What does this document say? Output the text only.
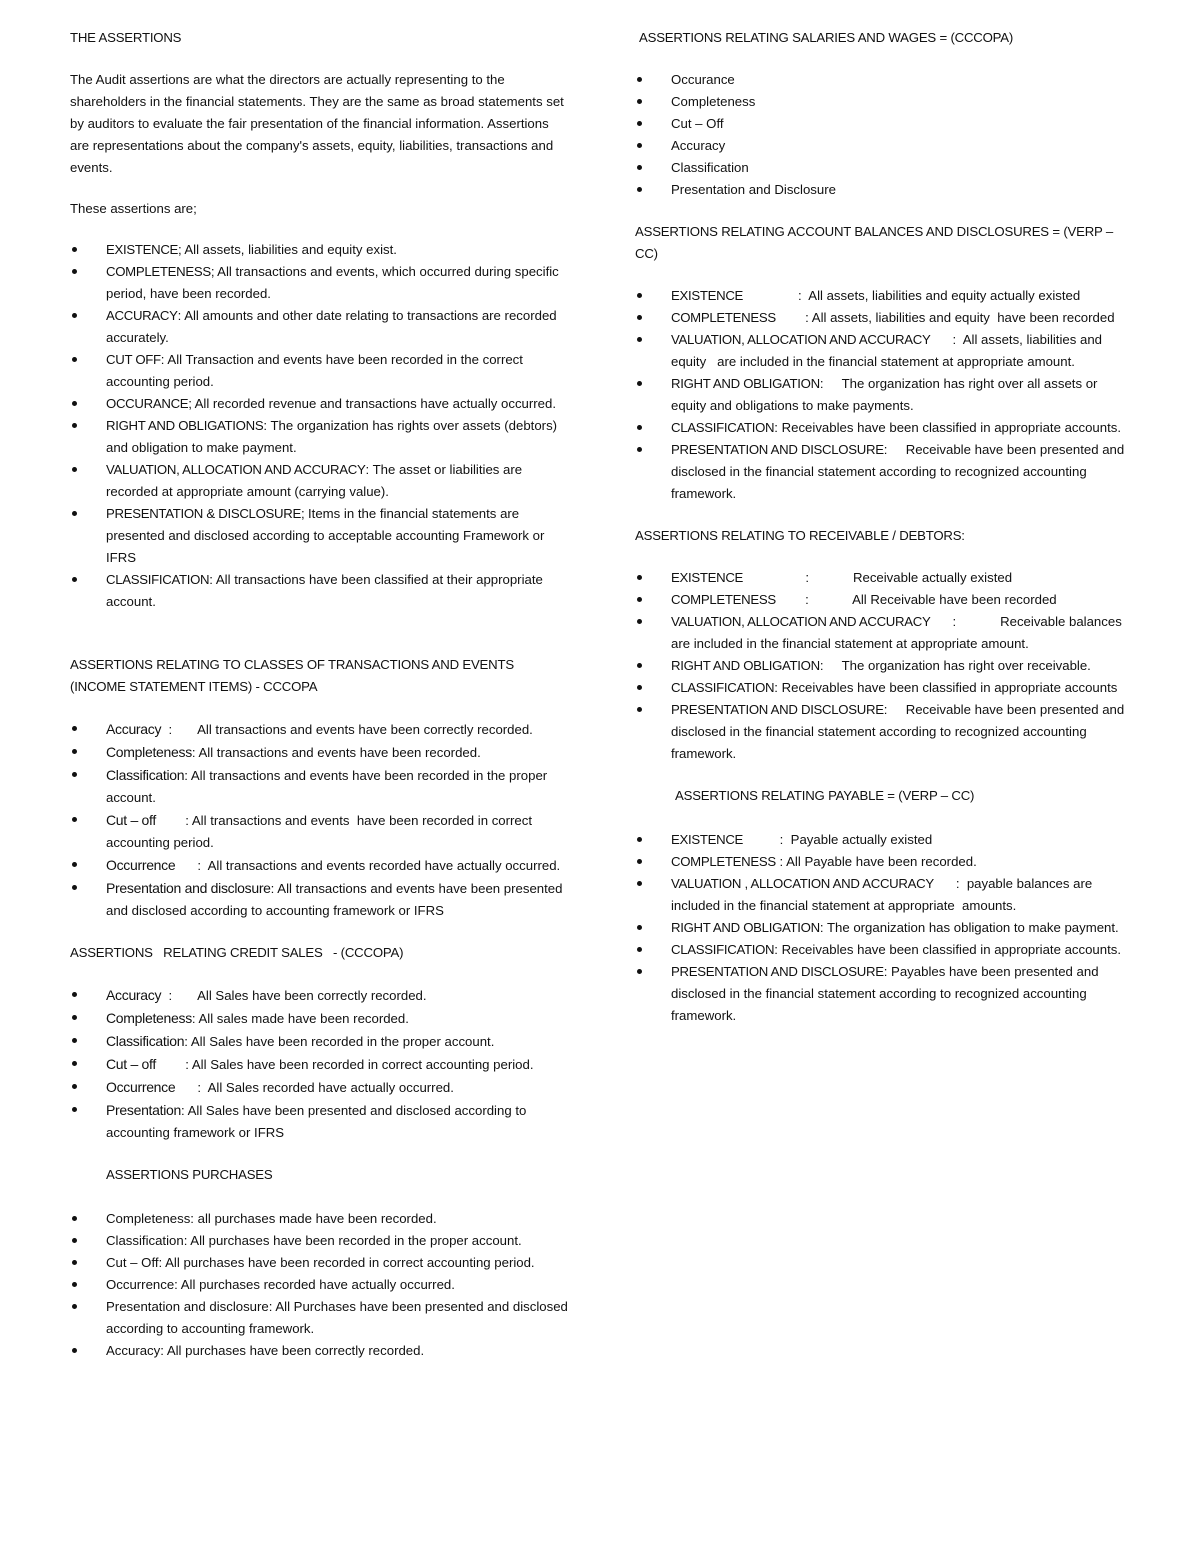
THE ASSERTIONS

The Audit assertions are what the directors are actually representing to the shareholders in the financial statements. They are the same as broad statements set by auditors to evaluate the fair presentation of the financial information. Assertions are representations about the company's assets, equity, liabilities, transactions and events.

These assertions are;

EXISTENCE; All assets, liabilities and equity exist.
COMPLETENESS; All transactions and events, which occurred during specific period, have been recorded.
ACCURACY: All amounts and other date relating to transactions are recorded accurately.
CUT OFF: All Transaction and events have been recorded in the correct accounting period.
OCCURANCE; All recorded revenue and transactions have actually occurred.
RIGHT AND OBLIGATIONS: The organization has rights over assets (debtors) and obligation to make payment.
VALUATION, ALLOCATION AND ACCURACY: The asset or liabilities are recorded at appropriate amount (carrying value).
PRESENTATION & DISCLOSURE; Items in the financial statements are presented and disclosed according to acceptable accounting Framework or IFRS
CLASSIFICATION: All transactions have been classified at their appropriate account.
ASSERTIONS RELATING TO CLASSES OF TRANSACTIONS AND EVENTS
(INCOME STATEMENT ITEMS) - CCCOPA
Accuracy  :       All transactions and events have been correctly recorded.
Completeness: All transactions and events have been recorded.
Classification: All transactions and events have been recorded in the proper account.
Cut – off        : All transactions and events  have been recorded in correct accounting period.
Occurrence      :  All transactions and events recorded have actually occurred.
Presentation and disclosure: All transactions and events have been presented and disclosed according to accounting framework or IFRS
ASSERTIONS   RELATING CREDIT SALES   - (CCCOPA)
Accuracy  :       All Sales have been correctly recorded.
Completeness: All sales made have been recorded.
Classification: All Sales have been recorded in the proper account.
Cut – off        : All Sales have been recorded in correct accounting period.
Occurrence      :  All Sales recorded have actually occurred.
Presentation: All Sales have been presented and disclosed according to accounting framework or IFRS
ASSERTIONS PURCHASES
Completeness: all purchases made have been recorded.
Classification: All purchases have been recorded in the proper account.
Cut – Off: All purchases have been recorded in correct accounting period.
Occurrence: All purchases recorded have actually occurred.
Presentation and disclosure: All Purchases have been presented and disclosed according to accounting framework.
Accuracy: All purchases have been correctly recorded.
ASSERTIONS RELATING SALARIES AND WAGES = (CCCOPA)
Occurance
Completeness
Cut – Off
Accuracy
Classification
Presentation and Disclosure
ASSERTIONS RELATING ACCOUNT BALANCES AND DISCLOSURES = (VERP – CC)
EXISTENCE               :  All assets, liabilities and equity actually existed
COMPLETENESS        : All assets, liabilities and equity  have been recorded
VALUATION, ALLOCATION AND ACCURACY      :  All assets, liabilities and equity   are included in the financial statement at appropriate amount.
RIGHT AND OBLIGATION:     The organization has right over all assets or equity and obligations to make payments.
CLASSIFICATION: Receivables have been classified in appropriate accounts.
PRESENTATION AND DISCLOSURE:     Receivable have been presented and disclosed in the financial statement according to recognized accounting framework.
ASSERTIONS RELATING TO RECEIVABLE / DEBTORS:
EXISTENCE                 :            Receivable actually existed
COMPLETENESS        :            All Receivable have been recorded
VALUATION, ALLOCATION AND ACCURACY      :            Receivable balances are included in the financial statement at appropriate amount.
RIGHT AND OBLIGATION:     The organization has right over receivable.
CLASSIFICATION: Receivables have been classified in appropriate accounts
PRESENTATION AND DISCLOSURE:     Receivable have been presented and disclosed in the financial statement according to recognized accounting framework.
ASSERTIONS RELATING PAYABLE = (VERP – CC)
EXISTENCE          :  Payable actually existed
COMPLETENESS : All Payable have been recorded.
VALUATION , ALLOCATION AND ACCURACY      :  payable balances are included in the financial statement at appropriate  amounts.
RIGHT AND OBLIGATION: The organization has obligation to make payment.
CLASSIFICATION: Receivables have been classified in appropriate accounts.
PRESENTATION AND DISCLOSURE: Payables have been presented and disclosed in the financial statement according to recognized accounting framework.
